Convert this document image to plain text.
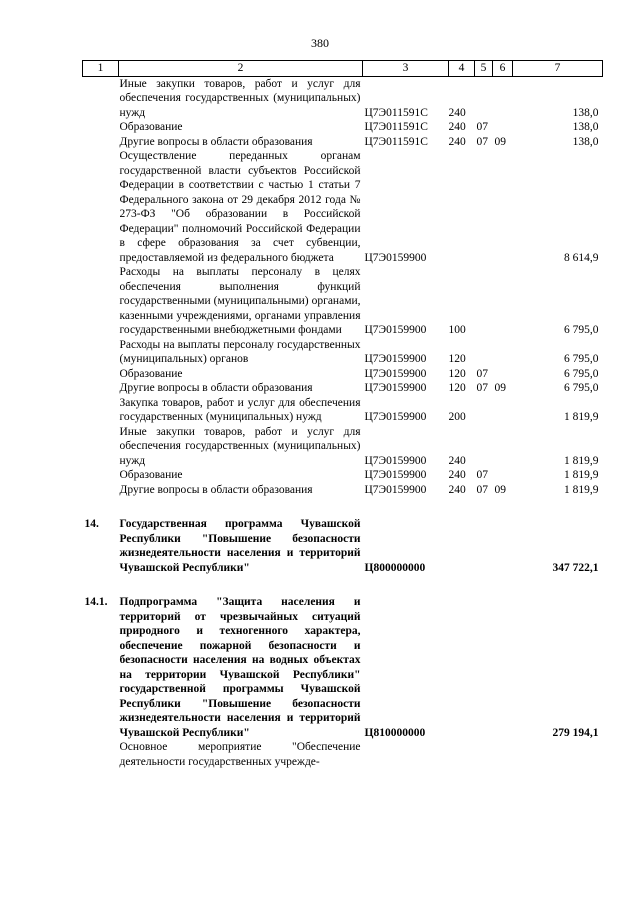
380
1	2	3	4	5	6	7
	Иные закупки товаров, работ и услуг для обеспечения государственных (муниципальных) нужд	Ц7Э011591С	240			138,0
	Образование	Ц7Э011591С	240	07		138,0
	Другие вопросы в области образования	Ц7Э011591С	240	07	09	138,0
	Осуществление переданных органам государственной власти субъектов Российской Федерации в соответствии с частью 1 статьи 7 Федерального закона от 29 декабря 2012 года № 273-ФЗ "Об образовании в Российской Федерации" полномочий Российской Федерации в сфере образования за счет субвенции, предоставляемой из федерального бюджета	Ц7Э0159900				8 614,9
	Расходы на выплаты персоналу в целях обеспечения выполнения функций государственными (муниципальными) органами, казенными учреждениями, органами управления государственными внебюджетными фондами	Ц7Э0159900	100			6 795,0
	Расходы на выплаты персоналу государственных (муниципальных) органов	Ц7Э0159900	120			6 795,0
	Образование	Ц7Э0159900	120	07		6 795,0
	Другие вопросы в области образования	Ц7Э0159900	120	07	09	6 795,0
	Закупка товаров, работ и услуг для обеспечения государственных (муниципальных) нужд	Ц7Э0159900	200			1 819,9
	Иные закупки товаров, работ и услуг для обеспечения государственных (муниципальных) нужд	Ц7Э0159900	240			1 819,9
	Образование	Ц7Э0159900	240	07		1 819,9
	Другие вопросы в области образования	Ц7Э0159900	240	07	09	1 819,9

14.	Государственная программа Чувашской Республики "Повышение безопасности жизнедеятельности населения и территорий Чувашской Республики"	Ц800000000				347 722,1

14.1.	Подпрограмма "Защита населения и территорий от чрезвычайных ситуаций природного и техногенного характера, обеспечение пожарной безопасности и безопасности населения на водных объектах на территории Чувашской Республики" государственной программы Чувашской Республики "Повышение безопасности жизнедеятельности населения и территорий Чувашской Республики"	Ц810000000				279 194,1
	Основное мероприятие "Обеспечение деятельности государственных учрежде-					
